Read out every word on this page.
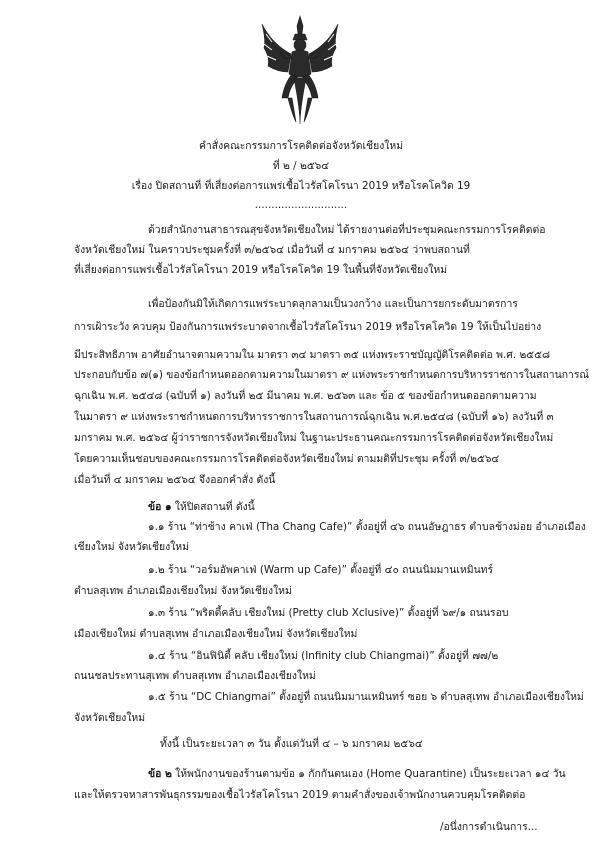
คำสั่งคณะกรรมการโรคติดต่อจังหวัดเชียงใหม่
ที่ ๒ / ๒๕๖๔
เรื่อง ปิดสถานที่ ที่เสี่ยงต่อการแพร่เชื้อไวรัสโคโรนา 2019 หรือโรคโควิด 19
............................
ด้วยสำนักงานสาธารณสุขจังหวัดเชียงใหม่ ได้รายงานต่อที่ประชุมคณะกรรมการโรคติดต่อ
จังหวัดเชียงใหม่ ในคราวประชุมครั้งที่ ๓/๒๕๖๔ เมื่อวันที่ ๔ มกราคม ๒๕๖๔ ว่าพบสถานที่
ที่เสี่ยงต่อการแพร่เชื้อไวรัสโคโรนา 2019 หรือโรคโควิด 19 ในพื้นที่จังหวัดเชียงใหม่
เพื่อป้องกันมิให้เกิดการแพร่ระบาดลุกลามเป็นวงกว้าง และเป็นการยกระดับมาตรการ
การเฝ้าระวัง ควบคุม ป้องกันการแพร่ระบาดจากเชื้อไวรัสโคโรนา 2019 หรือโรคโควิด 19 ให้เป็นไปอย่าง
มีประสิทธิภาพ อาศัยอำนาจตามความใน มาตรา ๓๔ มาตรา ๓๕ แห่งพระราชบัญญัติโรคติดต่อ พ.ศ. ๒๕๕๘
ประกอบกับข้อ ๗(๑) ของข้อกำหนดออกตามความในมาตรา ๙ แห่งพระราชกำหนดการบริหารราชการในสถานการณ์
ฉุกเฉิน พ.ศ. ๒๕๔๘ (ฉบับที่ ๑) ลงวันที่ ๒๕ มีนาคม พ.ศ. ๒๕๖๓ และ ข้อ ๕ ของข้อกำหนดออกตามความ
ในมาตรา ๙ แห่งพระราชกำหนดการบริหารราชการในสถานการณ์ฉุกเฉิน พ.ศ.๒๕๔๘ (ฉบับที่ ๑๖) ลงวันที่ ๓
มกราคม พ.ศ. ๒๕๖๔ ผู้ว่าราชการจังหวัดเชียงใหม่ ในฐานะประธานคณะกรรมการโรคติดต่อจังหวัดเชียงใหม่
โดยความเห็นชอบของคณะกรรมการโรคติดต่อจังหวัดเชียงใหม่ ตามมติที่ประชุม ครั้งที่ ๓/๒๕๖๔
เมื่อวันที่ ๔ มกราคม ๒๕๖๔ จึงออกคำสั่ง ดังนี้
ข้อ ๑ ให้ปิดสถานที่ ดังนี้
๑.๑ ร้าน “ท่าช้าง คาเฟ่ (Tha Chang Cafe)” ตั้งอยู่ที่ ๔๖ ถนนอัษฎาธร ตำบลช้างม่อย อำเภอเมือง
เชียงใหม่ จังหวัดเชียงใหม่
๑.๒ ร้าน “วอร์มอัพคาเฟ่ (Warm up Cafe)” ตั้งอยู่ที่ ๔๐ ถนนนิมมานเหมินทร์
ตำบลสุเทพ อำเภอเมืองเชียงใหม่ จังหวัดเชียงใหม่
๑.๓ ร้าน “พริตตี้คลับ เชียงใหม่ (Pretty club Xclusive)” ตั้งอยู่ที่ ๖๙/๑ ถนนรอบ
เมืองเชียงใหม่ ตำบลสุเทพ อำเภอเมืองเชียงใหม่ จังหวัดเชียงใหม่
๑.๔ ร้าน “อินฟินิตี้ คลับ เชียงใหม่ (Infinity club Chiangmai)” ตั้งอยู่ที่ ๗๗/๒
ถนนชลประทานสุเทพ ตำบลสุเทพ อำเภอเมืองเชียงใหม่
๑.๕ ร้าน “DC Chiangmai” ตั้งอยู่ที่ ถนนนิมมานเหมินทร์ ซอย ๖ ตำบลสุเทพ อำเภอเมืองเชียงใหม่
จังหวัดเชียงใหม่
ทั้งนี้ เป็นระยะเวลา ๓ วัน ตั้งแต่วันที่ ๔ – ๖ มกราคม ๒๕๖๔
ข้อ ๒ ให้พนักงานของร้านตามข้อ ๑ กักกันตนเอง (Home Quarantine) เป็นระยะเวลา ๑๔ วัน
และให้ตรวจหาสารพันธุกรรมของเชื้อไวรัสโคโรนา 2019 ตามคำสั่งของเจ้าพนักงานควบคุมโรคติดต่อ
/อนึ่งการดำเนินการ...
